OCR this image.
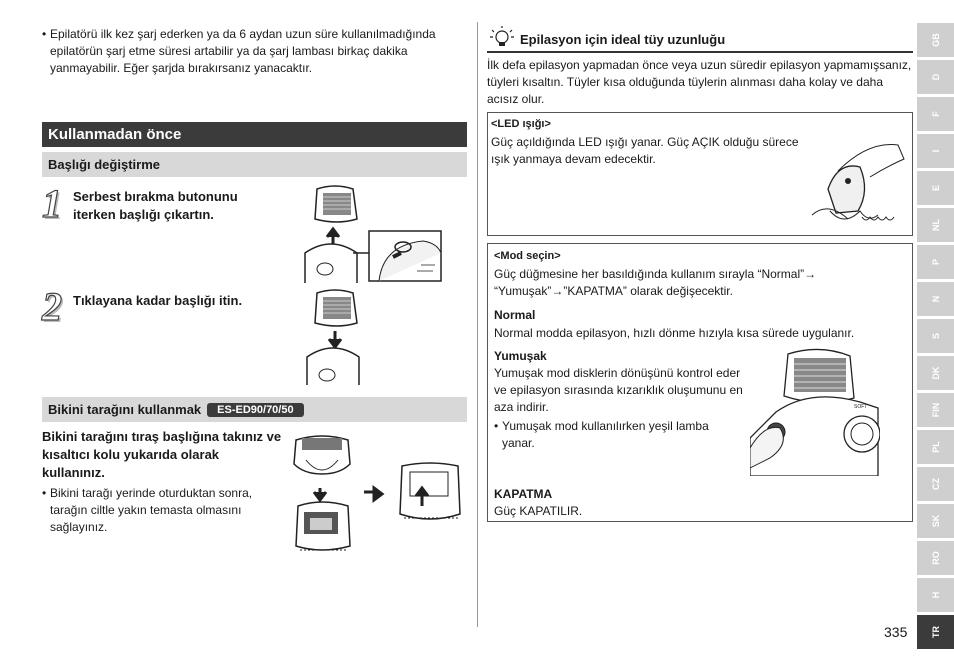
• Epilatörü ilk kez şarj ederken ya da 6 aydan uzun süre kullanılmadığında epilatörün şarj etme süresi artabilir ya da şarj lambası birkaç dakika yanmayabilir. Eğer şarjda bırakırsanız yanacaktır.
Kullanmadan önce
Başlığı değiştirme
1 Serbest bırakma butonunu iterken başlığı çıkartın.
2 Tıklayana kadar başlığı itin.
Bikini tarağını kullanmak ES-ED90/70/50
Bikini tarağını tıraş başlığına takınız ve kısaltıcı kolu yukarıda olarak kullanınız.
• Bikini tarağı yerinde oturduktan sonra, tarağın ciltle yakın temasta olmasını sağlayınız.
Epilasyon için ideal tüy uzunluğu
İlk defa epilasyon yapmadan önce veya uzun süredir epilasyon yapmamışsanız, tüyleri kısaltın. Tüyler kısa olduğunda tüylerin alınması daha kolay ve daha acısız olur.
<LED ışığı>
Güç açıldığında LED ışığı yanar. Güç AÇIK olduğu sürece ışık yanmaya devam edecektir.
<Mod seçin>
Güç düğmesine her basıldığında kullanım sırayla “Normal”→ “Yumuşak”→”KAPATMA” olarak değişecektir.
Normal
Normal modda epilasyon, hızlı dönme hızıyla kısa sürede uygulanır.
Yumuşak
Yumuşak mod disklerin dönüşünü kontrol eder ve epilasyon sırasında kızarıklık oluşumunu en aza indirir.
• Yumuşak mod kullanılırken yeşil lamba yanar.
KAPATMA
Güç KAPATILIR.
SOFT
GB
D
F
I
E
NL
P
N
S
DK
FIN
PL
CZ
SK
RO
H
TR
335
